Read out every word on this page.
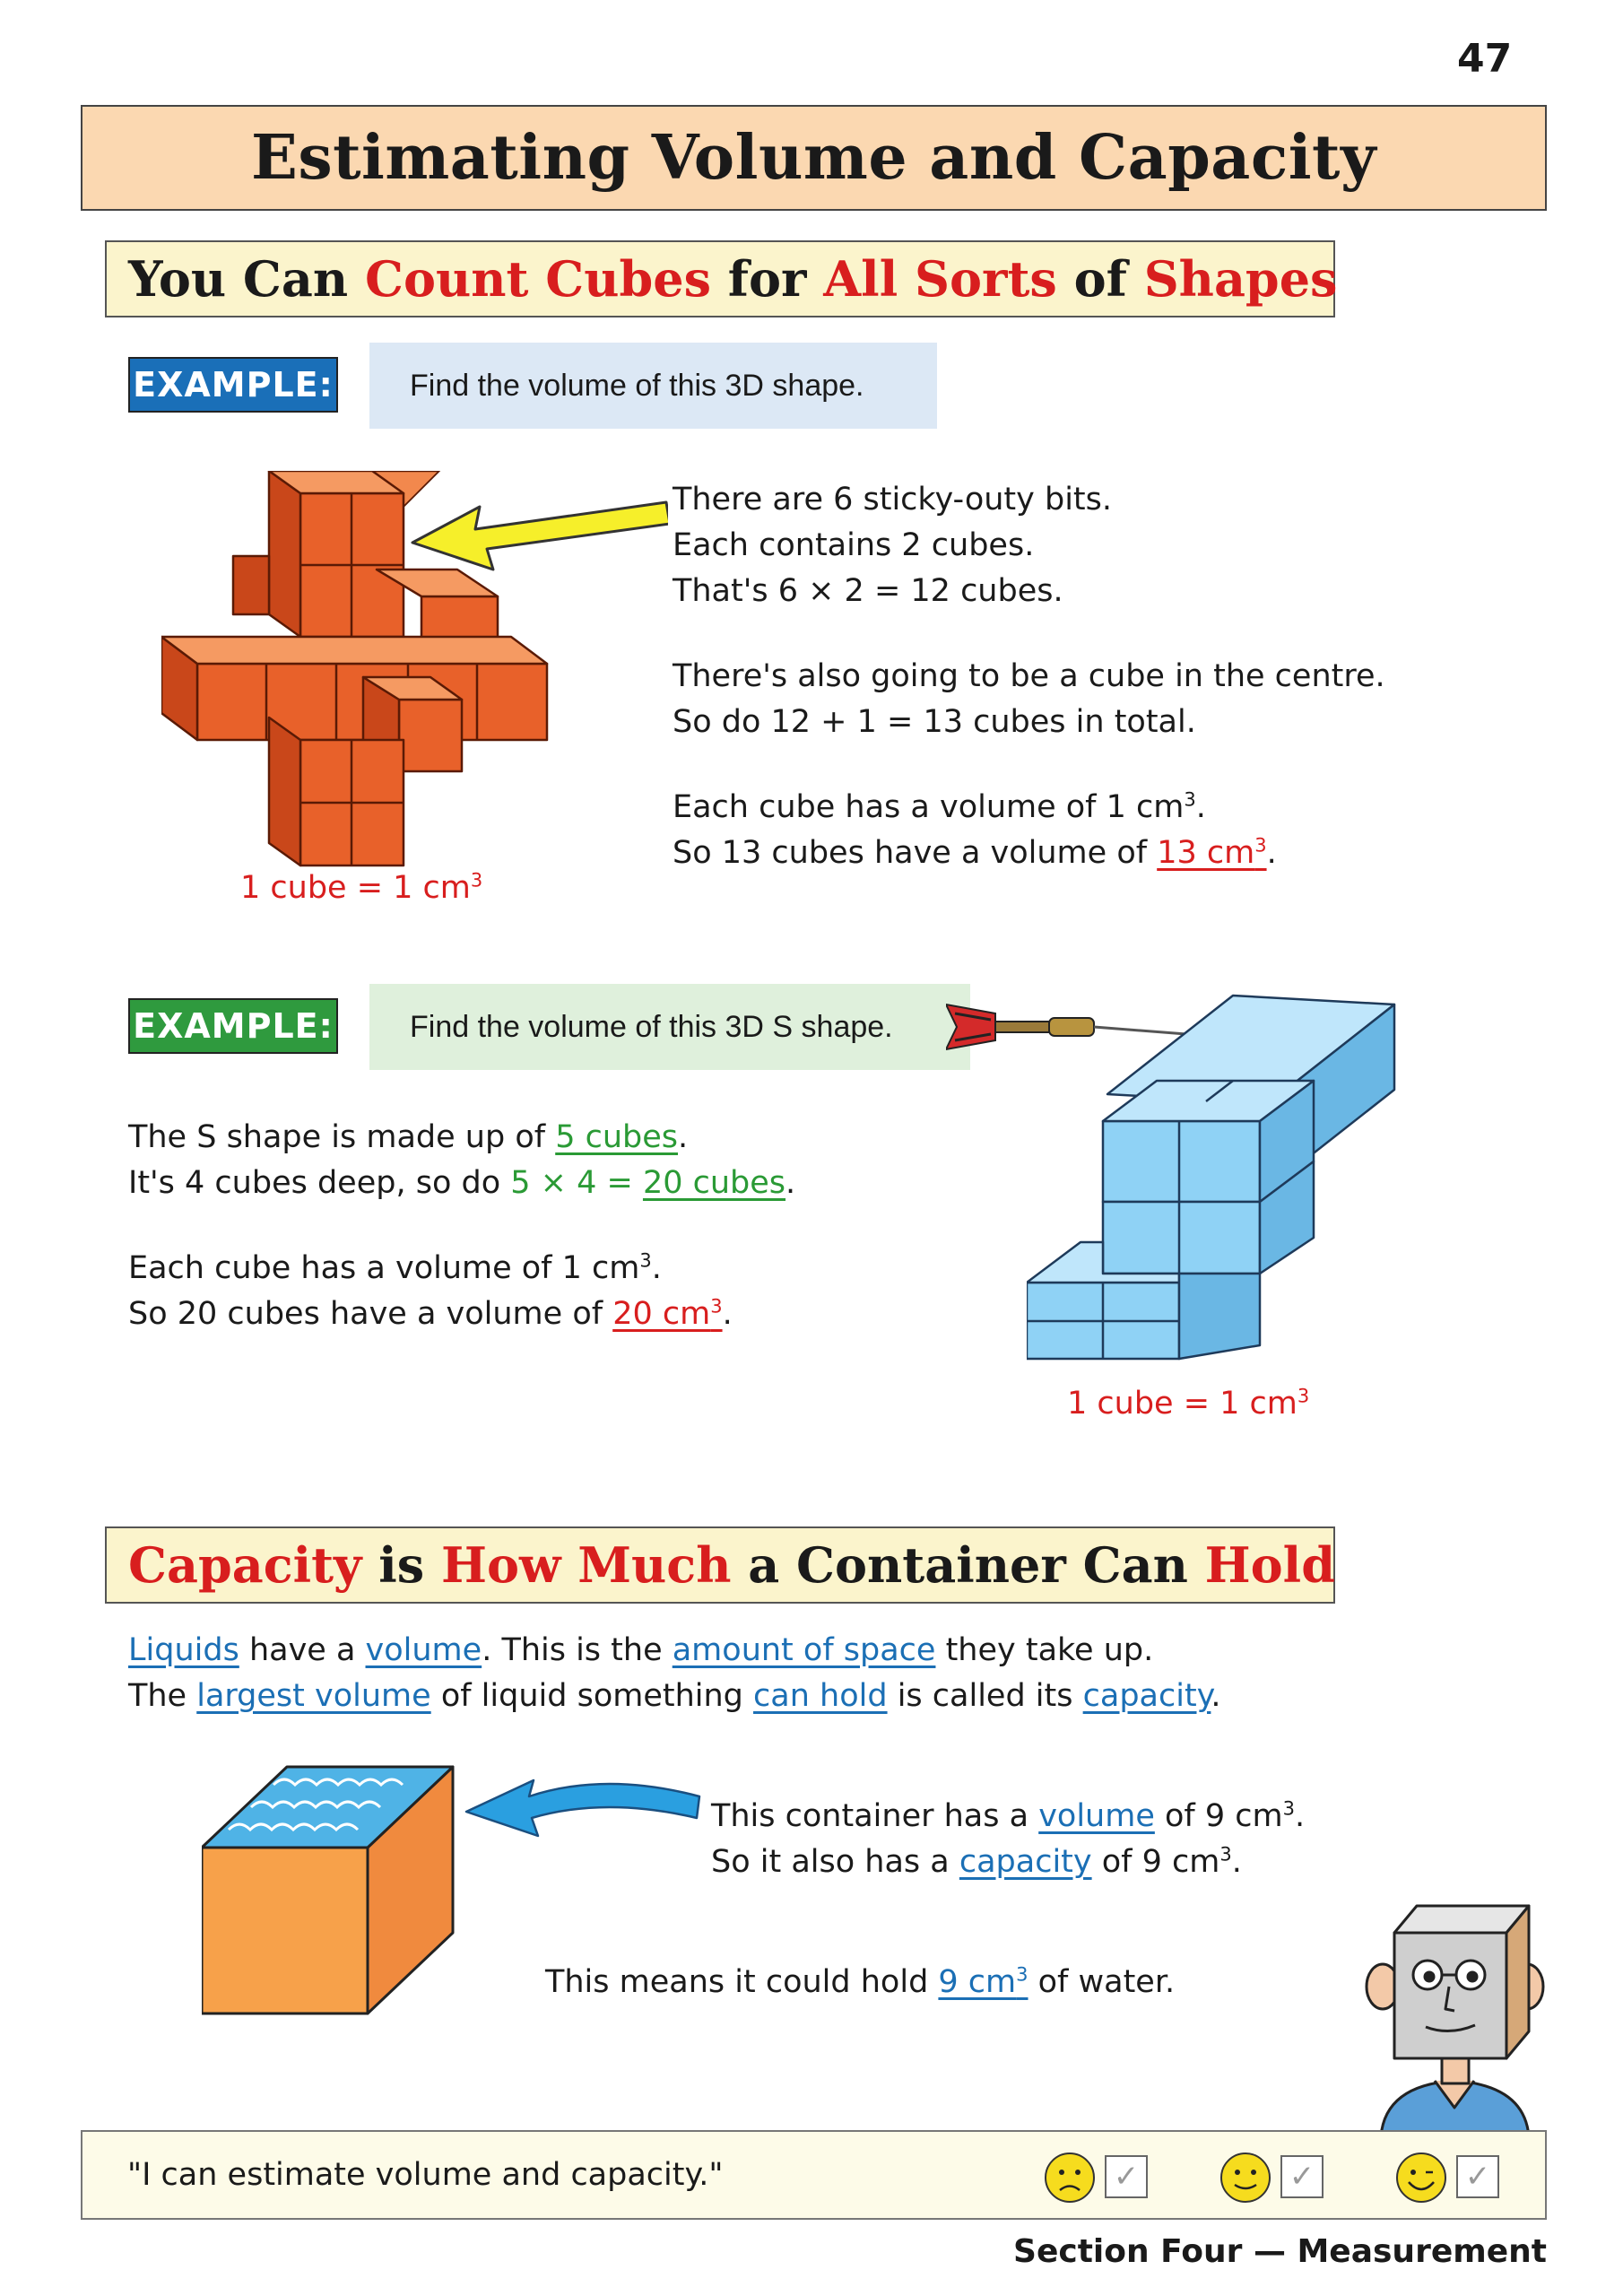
47
Estimating Volume and Capacity
You Can Count Cubes for All Sorts of Shapes
EXAMPLE:	Find the volume of this 3D shape.
1 cube = 1 $cm^3$
There are 6 sticky-outy bits.
Each contains 2 cubes.
That's 6 × 2 = 12 cubes.
There's also going to be a cube in the centre.
So do 12 + 1 = 13 cubes in total.
Each cube has a volume of 1 $cm^3$.
So 13 cubes have a volume of 13 $cm^3$.
EXAMPLE:	Find the volume of this 3D S shape.
1 cube = 1 $cm^3$
The S shape is made up of 5 cubes.
It's 4 cubes deep, so do 5 × 4 = 20 cubes.
Each cube has a volume of 1 $cm^3$.
So 20 cubes have a volume of 20 $cm^3$.
Capacity is How Much a Container Can Hold
Liquids have a volume. This is the amount of space they take up.
The largest volume of liquid something can hold is called its capacity.
This container has a volume of 9 $cm^3$.
So it also has a capacity of 9 $cm^3$.
This means it could hold 9 $cm^3$ of water.
"I can estimate volume and capacity."	✓	✓	✓
Section Four — Measurement
